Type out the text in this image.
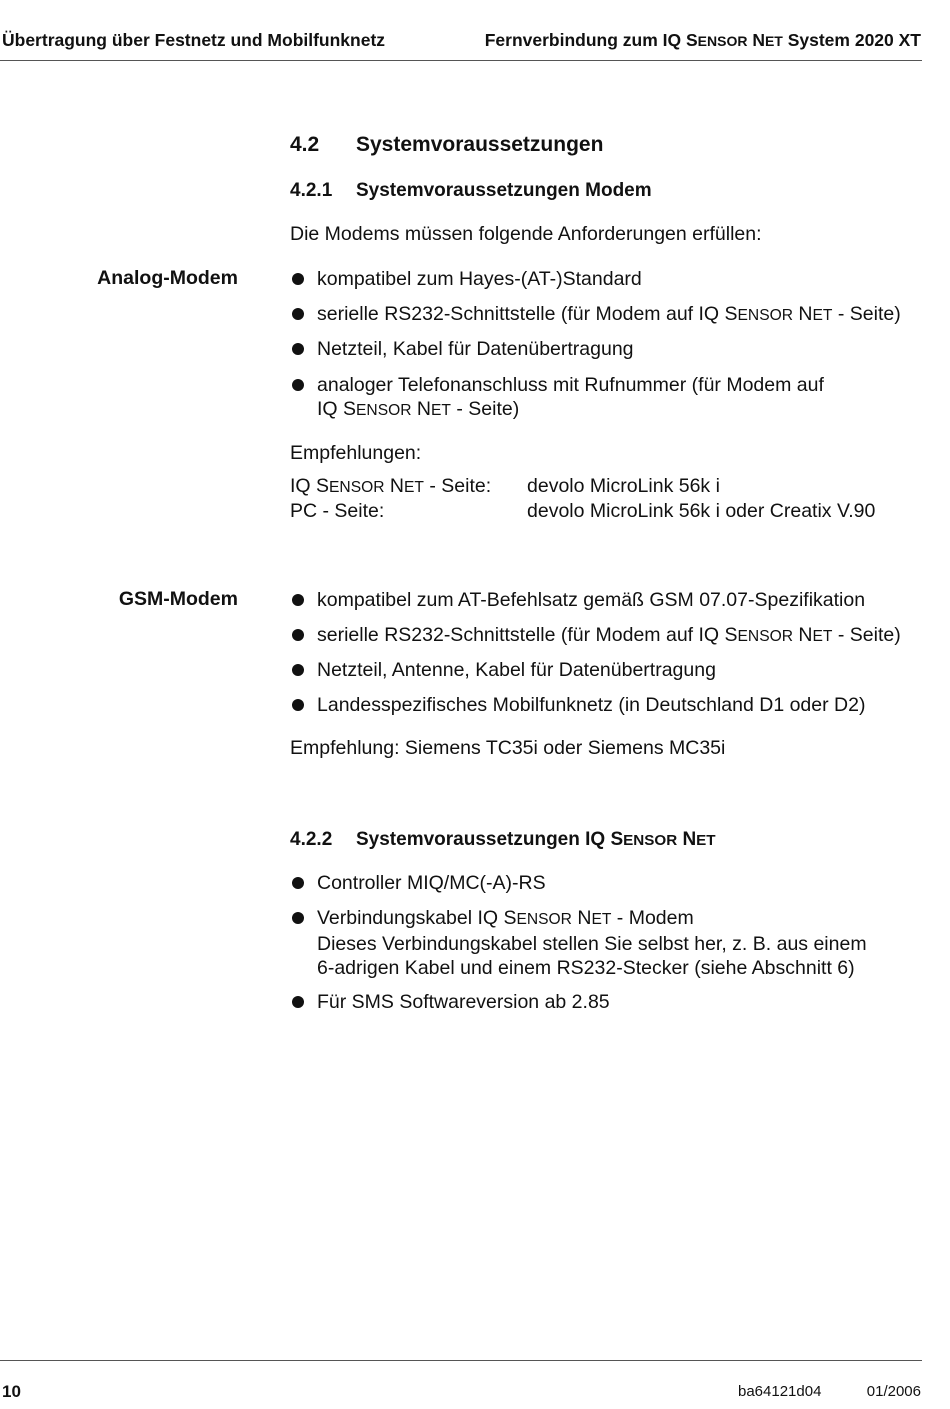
Übertragung über Festnetz und Mobilfunknetz	Fernverbindung zum IQ SENSOR NET System 2020 XT
4.2 Systemvoraussetzungen
4.2.1 Systemvoraussetzungen Modem
Die Modems müssen folgende Anforderungen erfüllen:
Analog-Modem	kompatibel zum Hayes-(AT-)Standard
serielle RS232-Schnittstelle (für Modem auf IQ SENSOR NET - Seite)
Netzteil, Kabel für Datenübertragung
analoger Telefonanschluss mit Rufnummer (für Modem auf
IQ SENSOR NET - Seite)
Empfehlungen:
IQ SENSOR NET - Seite: devolo MicroLink 56k i
PC - Seite:	devolo MicroLink 56k i oder Creatix V.90
GSM-Modem	kompatibel zum AT-Befehlsatz gemäß GSM 07.07-Spezifikation
serielle RS232-Schnittstelle (für Modem auf IQ SENSOR NET - Seite)
Netzteil, Antenne, Kabel für Datenübertragung
Landesspezifisches Mobilfunknetz (in Deutschland D1 oder D2)
Empfehlung: Siemens TC35i oder Siemens MC35i
4.2.2 Systemvoraussetzungen IQ SENSOR NET
Controller MIQ/MC(-A)-RS
Verbindungskabel IQ SENSOR NET - Modem
Dieses Verbindungskabel stellen Sie selbst her, z. B. aus einem
6-adrigen Kabel und einem RS232-Stecker (siehe Abschnitt 6)
Für SMS Softwareversion ab 2.85
10	ba64121d04	01/2006
